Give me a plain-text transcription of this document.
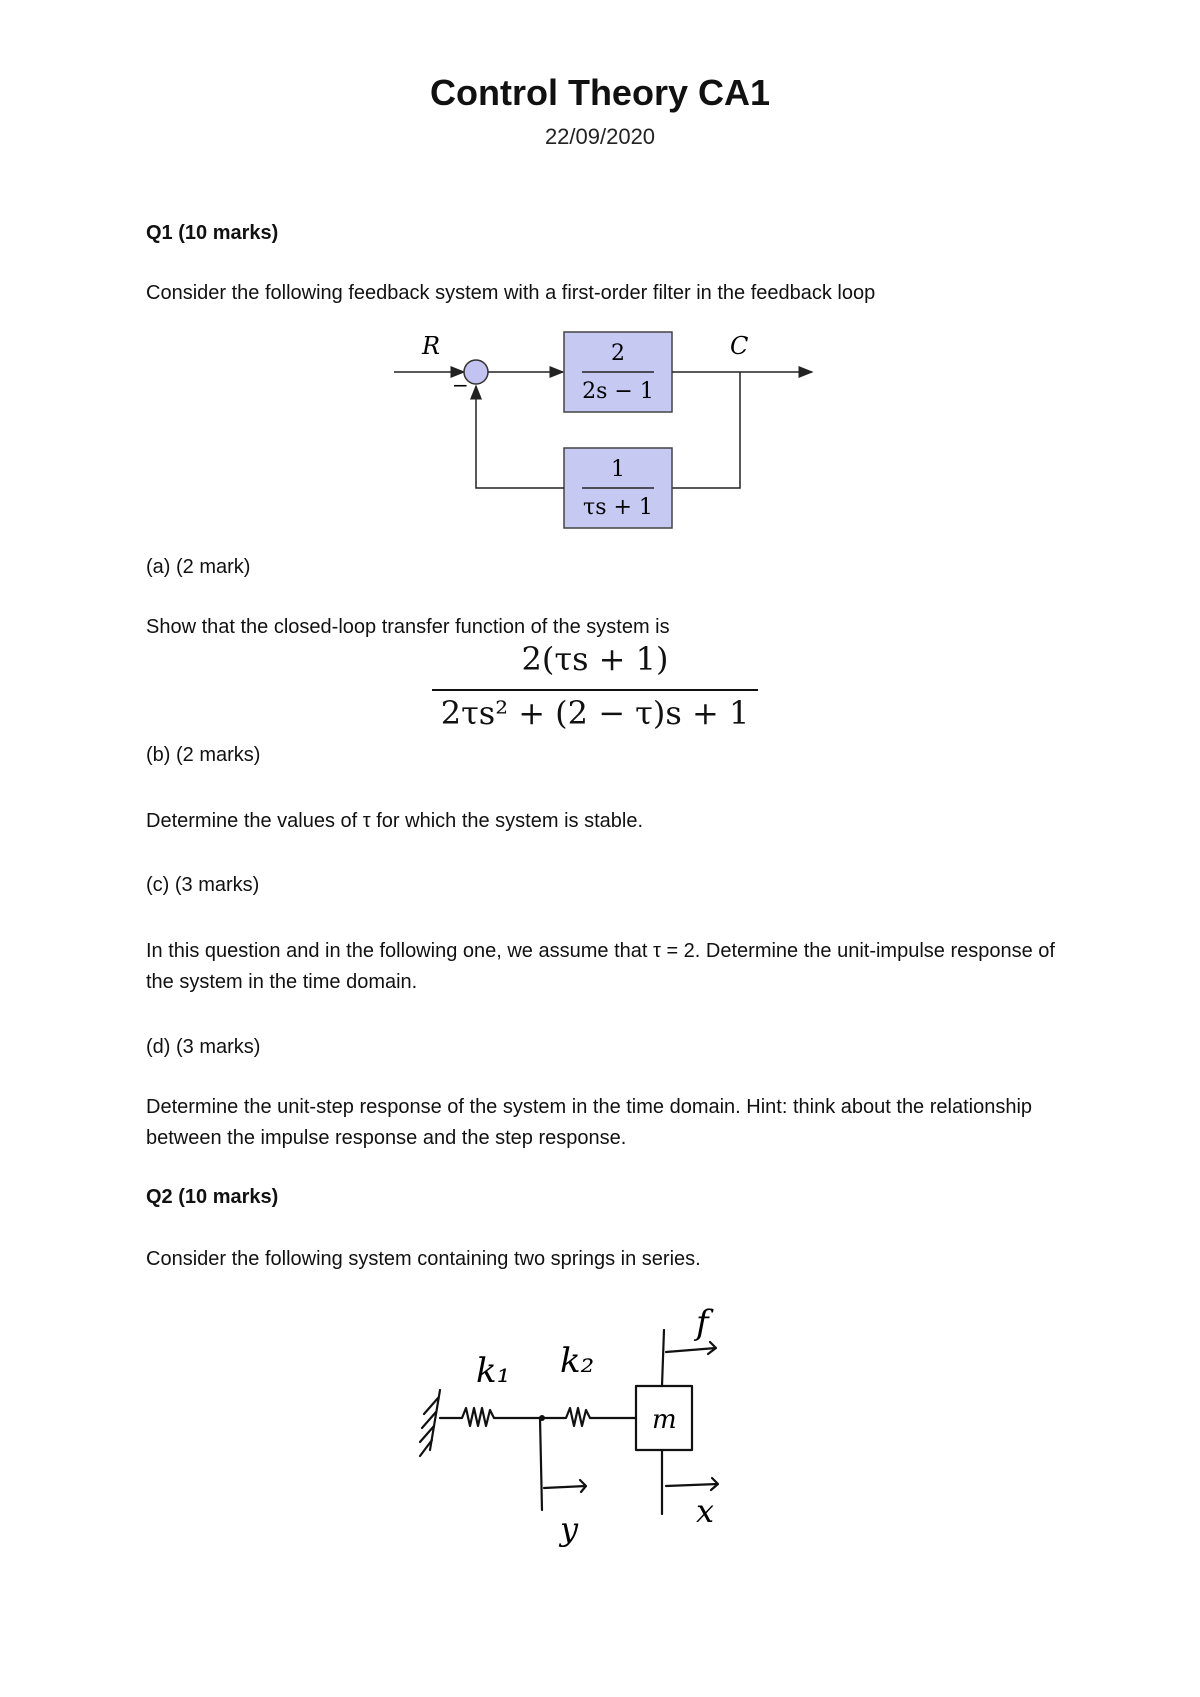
Control Theory CA1
22/09/2020
Q1 (10 marks)
Consider the following feedback system with a first-order filter in the feedback loop
R	C
−
2
2s − 1
1
τs + 1
(a) (2 mark)
Show that the closed-loop transfer function of the system is
2(τs + 1)
2τs² + (2 − τ)s + 1
(b) (2 marks)
Determine the values of τ for which the system is stable.
(c) (3 marks)
In this question and in the following one, we assume that τ = 2. Determine the unit-impulse response of the system in the time domain.
(d) (3 marks)
Determine the unit-step response of the system in the time domain. Hint: think about the relationship between the impulse response and the step response.
Q2 (10 marks)
Consider the following system containing two springs in series.
k₁ k₂
m
f
y	x
